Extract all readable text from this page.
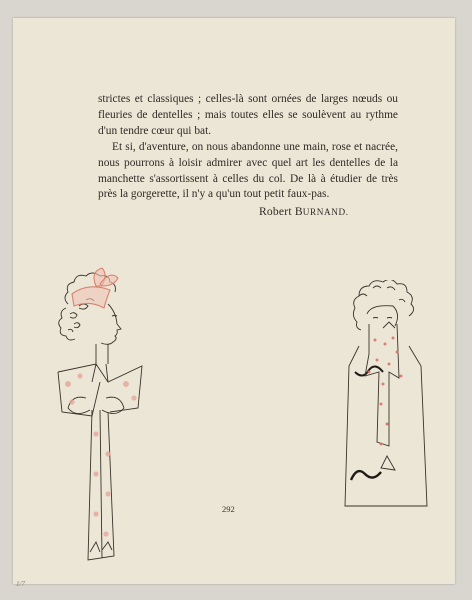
strictes et classiques ; celles-là sont ornées de larges nœuds ou fleuries de dentelles ; mais toutes elles se soulèvent au rythme d'un tendre cœur qui bat.

Et si, d'aventure, on nous abandonne une main, rose et nacrée, nous pourrons à loisir admirer avec quel art les dentelles de la manchette s'assortissent à celles du col. De là à étudier de très près la gorgerette, il n'y a qu'un tout petit faux-pas.

Robert BURNAND.
292
1/7
